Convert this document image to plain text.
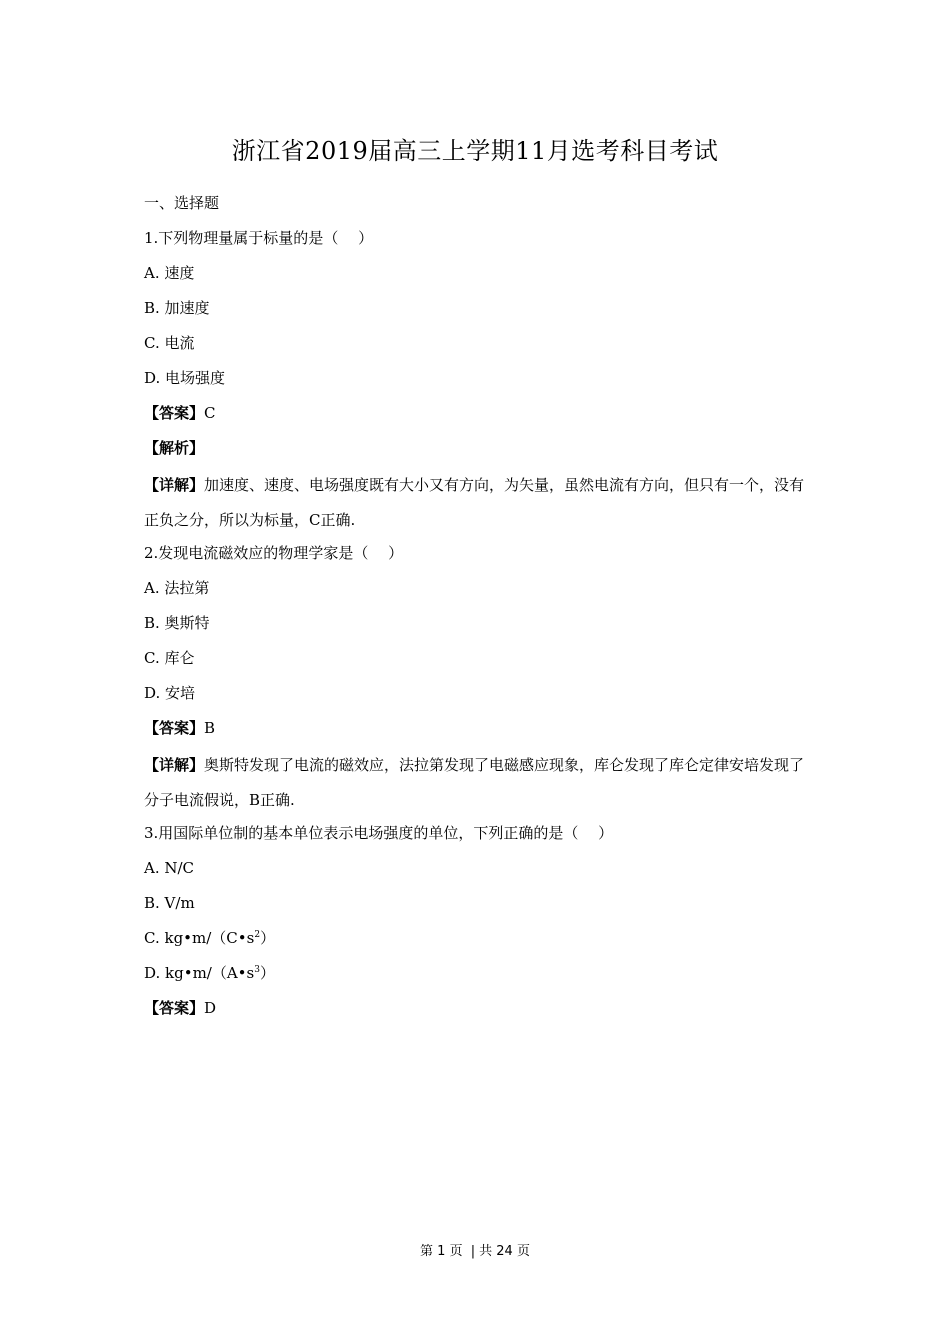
浙江省2019届高三上学期11月选考科目考试
一、选择题
1.下列物理量属于标量的是（　 ）
A. 速度
B. 加速度
C. 电流
D. 电场强度
【答案】C
【解析】
【详解】加速度、速度、电场强度既有大小又有方向，为矢量，虽然电流有方向，但只有一个，没有正负之分，所以为标量，C正确.
2.发现电流磁效应的物理学家是（　 ）
A. 法拉第
B. 奥斯特
C. 库仑
D. 安培
【答案】B
【详解】奥斯特发现了电流的磁效应，法拉第发现了电磁感应现象，库仑发现了库仑定律安培发现了分子电流假说，B正确.
3.用国际单位制的基本单位表示电场强度的单位，下列正确的是（　 ）
A. N/C
B. V/m
C. $kg•m/(C•s^2)$
D. $kg•m/(A•s^3)$
【答案】D
第 1 页 | 共 24 页
